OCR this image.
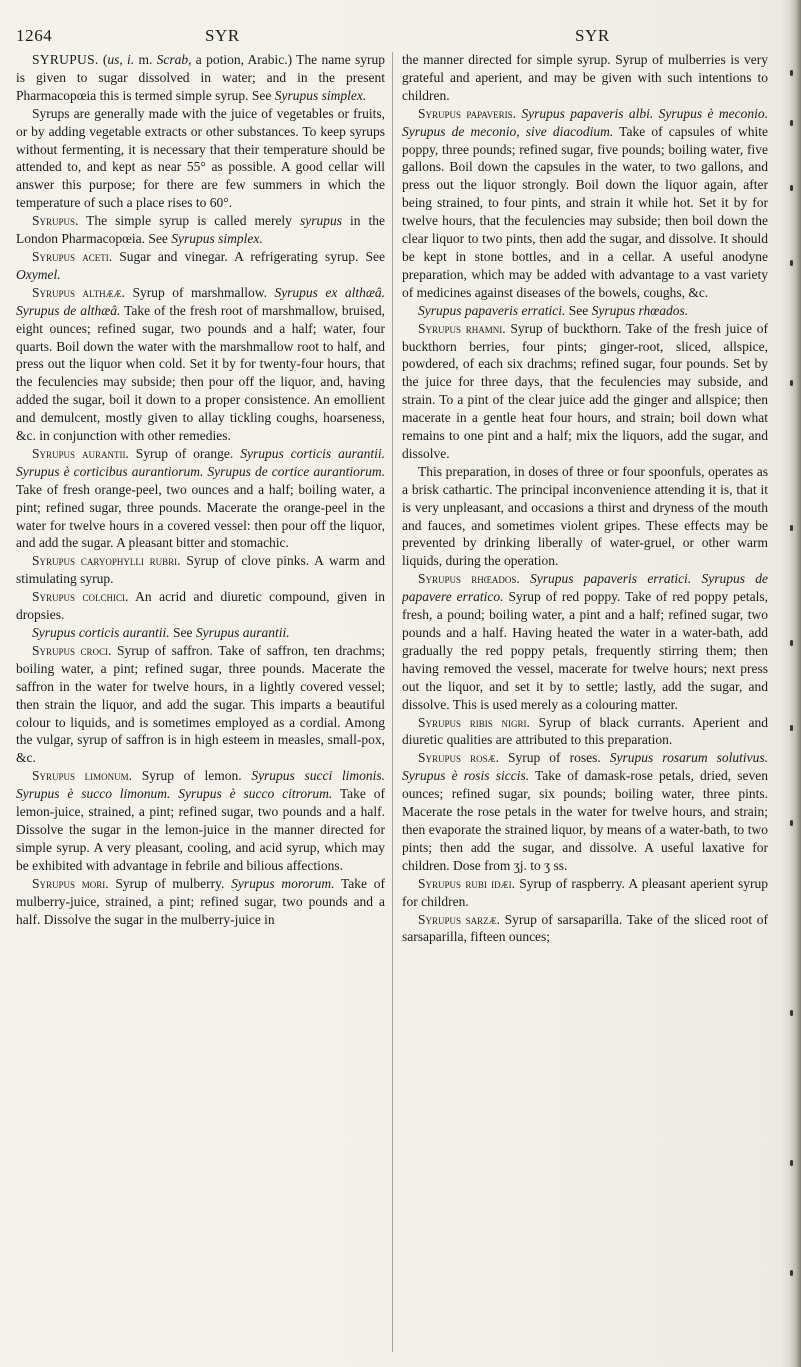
1264	SYR	SYR

SYRUPUS. (us, i. m. Scrab, a potion, Arabic.) The name syrup is given to sugar dissolved in water; and in the present Pharmacopœia this is termed simple syrup. See Syrupus simplex.

Syrups are generally made with the juice of vegetables or fruits, or by adding vegetable extracts or other substances. To keep syrups without fermenting, it is necessary that their temperature should be attended to, and kept as near 55° as possible. A good cellar will answer this purpose; for there are few summers in which the temperature of such a place rises to 60°.

Syrupus. The simple syrup is called merely syrupus in the London Pharmacopœia. See Syrupus simplex.

Syrupus aceti. Sugar and vinegar. A refrigerating syrup. See Oxymel.

Syrupus althææ. Syrup of marshmallow. Syrupus ex althæâ. Syrupus de althæâ. Take of the fresh root of marshmallow, bruised, eight ounces; refined sugar, two pounds and a half; water, four quarts. Boil down the water with the marshmallow root to half, and press out the liquor when cold. Set it by for twenty-four hours, that the feculencies may subside; then pour off the liquor, and, having added the sugar, boil it down to a proper consistence. An emollient and demulcent, mostly given to allay tickling coughs, hoarseness, &c. in conjunction with other remedies.

Syrupus aurantii. Syrup of orange. Syrupus corticis aurantii. Syrupus è corticibus aurantiorum. Syrupus de cortice aurantiorum. Take of fresh orange-peel, two ounces and a half; boiling water, a pint; refined sugar, three pounds. Macerate the orange-peel in the water for twelve hours in a covered vessel: then pour off the liquor, and add the sugar. A pleasant bitter and stomachic.

Syrupus caryophylli rubri. Syrup of clove pinks. A warm and stimulating syrup.

Syrupus colchici. An acrid and diuretic compound, given in dropsies.

Syrupus corticis aurantii. See Syrupus aurantii.

Syrupus croci. Syrup of saffron. Take of saffron, ten drachms; boiling water, a pint; refined sugar, three pounds. Macerate the saffron in the water for twelve hours, in a lightly covered vessel; then strain the liquor, and add the sugar. This imparts a beautiful colour to liquids, and is sometimes employed as a cordial. Among the vulgar, syrup of saffron is in high esteem in measles, small-pox, &c.

Syrupus limonum. Syrup of lemon. Syrupus succi limonis. Syrupus è succo limonum. Syrupus è succo citrorum. Take of lemon-juice, strained, a pint; refined sugar, two pounds and a half. Dissolve the sugar in the lemon-juice in the manner directed for simple syrup. A very pleasant, cooling, and acid syrup, which may be exhibited with advantage in febrile and bilious affections.

Syrupus mori. Syrup of mulberry. Syrupus mororum. Take of mulberry-juice, strained, a pint; refined sugar, two pounds and a half. Dissolve the sugar in the mulberry-juice in

the manner directed for simple syrup. Syrup of mulberries is very grateful and aperient, and may be given with such intentions to children.

Syrupus papaveris. Syrupus papaveris albi. Syrupus è meconio. Syrupus de meconio, sive diacodium. Take of capsules of white poppy, three pounds; refined sugar, five pounds; boiling water, five gallons. Boil down the capsules in the water, to two gallons, and press out the liquor strongly. Boil down the liquor again, after being strained, to four pints, and strain it while hot. Set it by for twelve hours, that the feculencies may subside; then boil down the clear liquor to two pints, then add the sugar, and dissolve. It should be kept in stone bottles, and in a cellar. A useful anodyne preparation, which may be added with advantage to a vast variety of medicines against diseases of the bowels, coughs, &c.

Syrupus papaveris erratici. See Syrupus rhœados.

Syrupus rhamni. Syrup of buckthorn. Take of the fresh juice of buckthorn berries, four pints; ginger-root, sliced, allspice, powdered, of each six drachms; refined sugar, four pounds. Set by the juice for three days, that the feculencies may subside, and strain. To a pint of the clear juice add the ginger and allspice; then macerate in a gentle heat four hours, and strain; boil down what remains to one pint and a half; mix the liquors, add the sugar, and dissolve.

This preparation, in doses of three or four spoonfuls, operates as a brisk cathartic. The principal inconvenience attending it is, that it is very unpleasant, and occasions a thirst and dryness of the mouth and fauces, and sometimes violent gripes. These effects may be prevented by drinking liberally of water-gruel, or other warm liquids, during the operation.

Syrupus rhœados. Syrupus papaveris erratici. Syrupus de papavere erratico. Syrup of red poppy. Take of red poppy petals, fresh, a pound; boiling water, a pint and a half; refined sugar, two pounds and a half. Having heated the water in a water-bath, add gradually the red poppy petals, frequently stirring them; then having removed the vessel, macerate for twelve hours; next press out the liquor, and set it by to settle; lastly, add the sugar, and dissolve. This is used merely as a colouring matter.

Syrupus ribis nigri. Syrup of black currants. Aperient and diuretic qualities are attributed to this preparation.

Syrupus rosæ. Syrup of roses. Syrupus rosarum solutivus. Syrupus è rosis siccis. Take of damask-rose petals, dried, seven ounces; refined sugar, six pounds; boiling water, three pints. Macerate the rose petals in the water for twelve hours, and strain; then evaporate the strained liquor, by means of a water-bath, to two pints; then add the sugar, and dissolve. A useful laxative for children. Dose from ʒj. to ʒ ss.

Syrupus rubi idæi. Syrup of raspberry. A pleasant aperient syrup for children.

Syrupus sarzæ. Syrup of sarsaparilla. Take of the sliced root of sarsaparilla, fifteen ounces;
